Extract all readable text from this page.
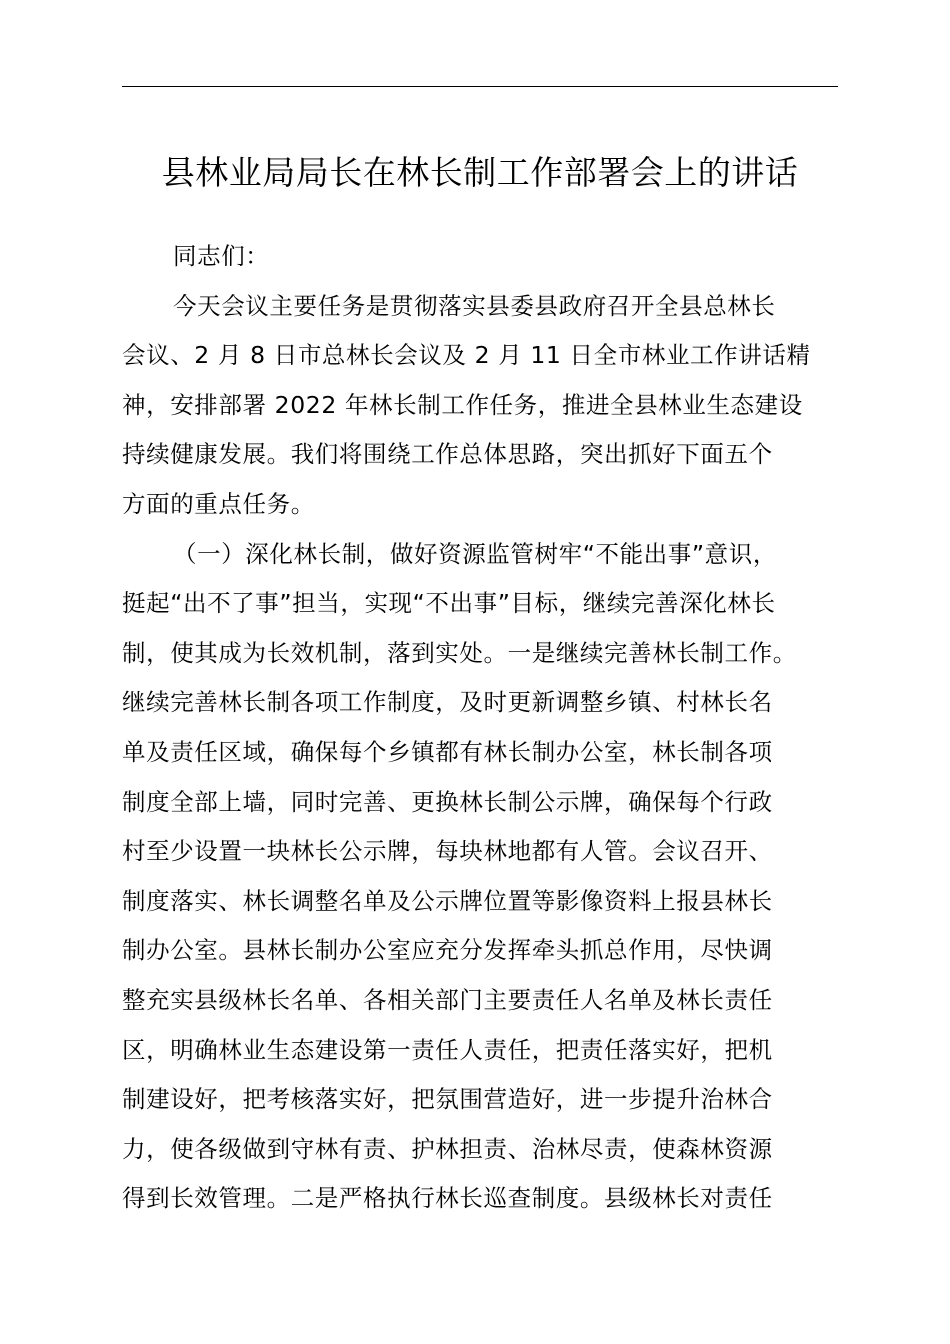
县林业局局长在林长制工作部署会上的讲话
同志们：
今天会议主要任务是贯彻落实县委县政府召开全县总林长
会议、2 月 8 日市总林长会议及 2 月 11 日全市林业工作讲话精
神，安排部署 2022 年林长制工作任务，推进全县林业生态建设
持续健康发展。我们将围绕工作总体思路，突出抓好下面五个
方面的重点任务。
（一）深化林长制，做好资源监管树牢“不能出事”意识，
挺起“出不了事”担当，实现“不出事”目标，继续完善深化林长
制，使其成为长效机制，落到实处。一是继续完善林长制工作。
继续完善林长制各项工作制度，及时更新调整乡镇、村林长名
单及责任区域，确保每个乡镇都有林长制办公室，林长制各项
制度全部上墙，同时完善、更换林长制公示牌，确保每个行政
村至少设置一块林长公示牌，每块林地都有人管。会议召开、
制度落实、林长调整名单及公示牌位置等影像资料上报县林长
制办公室。县林长制办公室应充分发挥牵头抓总作用，尽快调
整充实县级林长名单、各相关部门主要责任人名单及林长责任
区，明确林业生态建设第一责任人责任，把责任落实好，把机
制建设好，把考核落实好，把氛围营造好，进一步提升治林合
力，使各级做到守林有责、护林担责、治林尽责，使森林资源
得到长效管理。二是严格执行林长巡查制度。县级林长对责任
